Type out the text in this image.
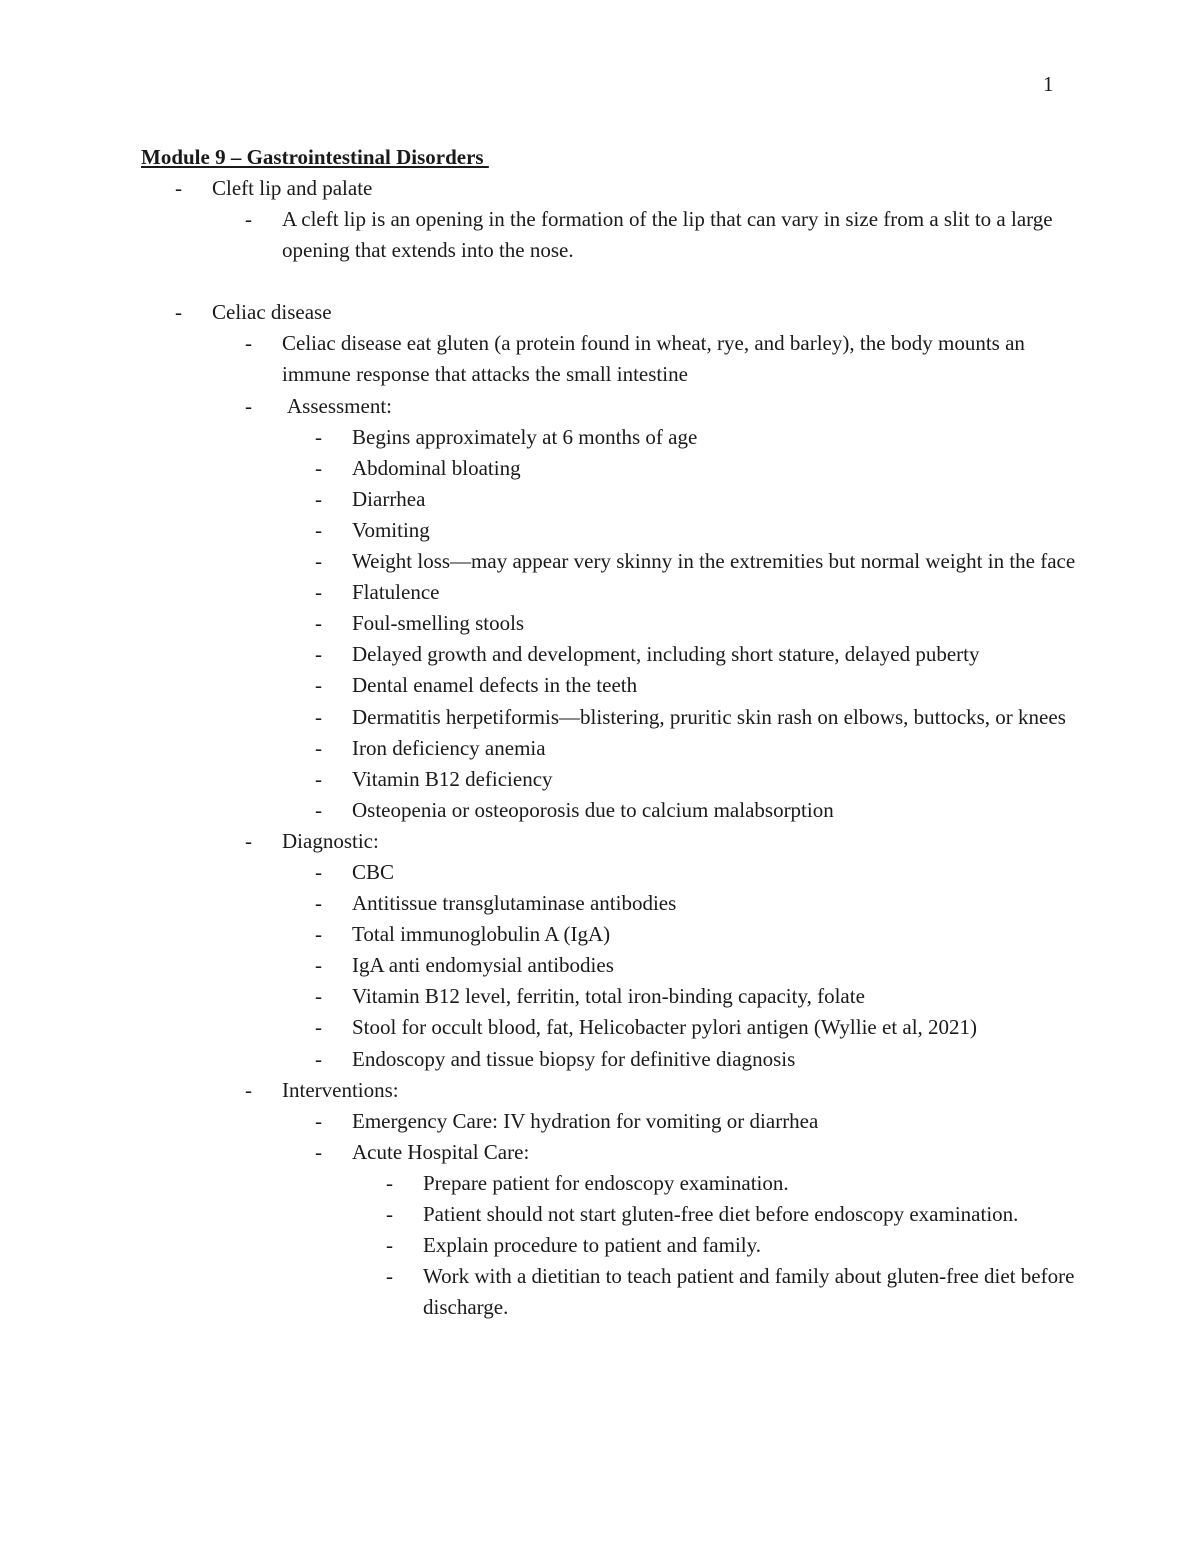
1

Module 9 – Gastrointestinal Disorders

- Cleft lip and palate
- A cleft lip is an opening in the formation of the lip that can vary in size from a slit to a large opening that extends into the nose.
- Celiac disease
- Celiac disease eat gluten (a protein found in wheat, rye, and barley), the body mounts an immune response that attacks the small intestine
- Assessment:
- Begins approximately at 6 months of age
- Abdominal bloating
- Diarrhea
- Vomiting
- Weight loss—may appear very skinny in the extremities but normal weight in the face
- Flatulence
- Foul-smelling stools
- Delayed growth and development, including short stature, delayed puberty
- Dental enamel defects in the teeth
- Dermatitis herpetiformis—blistering, pruritic skin rash on elbows, buttocks, or knees
- Iron deficiency anemia
- Vitamin B12 deficiency
- Osteopenia or osteoporosis due to calcium malabsorption
- Diagnostic:
- CBC
- Antitissue transglutaminase antibodies
- Total immunoglobulin A (IgA)
- IgA anti endomysial antibodies
- Vitamin B12 level, ferritin, total iron-binding capacity, folate
- Stool for occult blood, fat, Helicobacter pylori antigen (Wyllie et al, 2021)
- Endoscopy and tissue biopsy for definitive diagnosis
- Interventions:
- Emergency Care: IV hydration for vomiting or diarrhea
- Acute Hospital Care:
- Prepare patient for endoscopy examination.
- Patient should not start gluten-free diet before endoscopy examination.
- Explain procedure to patient and family.
- Work with a dietitian to teach patient and family about gluten-free diet before discharge.
